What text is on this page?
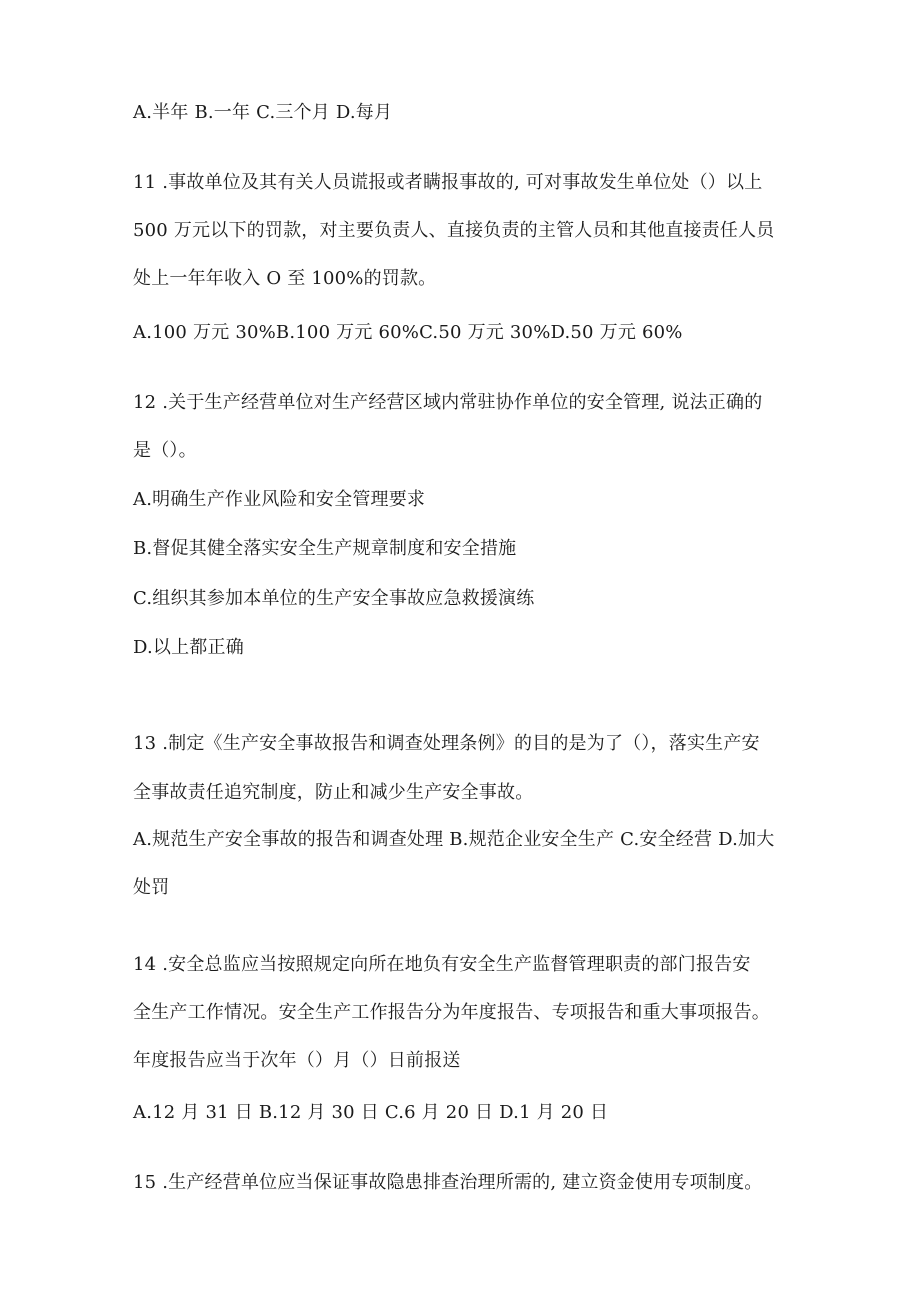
A.半年 B.一年 C.三个月 D.每月
11 .事故单位及其有关人员谎报或者瞒报事故的, 可对事故发生单位处（）以上
500 万元以下的罚款，对主要负责人、直接负责的主管人员和其他直接责任人员
处上一年年收入 O 至 100%的罚款。
A.100 万元 30%B.100 万元 60%C.50 万元 30%D.50 万元 60%
12 .关于生产经营单位对生产经营区域内常驻协作单位的安全管理, 说法正确的
是（）。
A.明确生产作业风险和安全管理要求
B.督促其健全落实安全生产规章制度和安全措施
C.组织其参加本单位的生产安全事故应急救援演练
D.以上都正确
13 .制定《生产安全事故报告和调查处理条例》的目的是为了（），落实生产安
全事故责任追究制度，防止和减少生产安全事故。
A.规范生产安全事故的报告和调查处理 B.规范企业安全生产 C.安全经营 D.加大
处罚
14 .安全总监应当按照规定向所在地负有安全生产监督管理职责的部门报告安
全生产工作情况。安全生产工作报告分为年度报告、专项报告和重大事项报告。
年度报告应当于次年（）月（）日前报送
A.12 月 31 日 B.12 月 30 日 C.6 月 20 日 D.1 月 20 日
15 .生产经营单位应当保证事故隐患排查治理所需的, 建立资金使用专项制度。
